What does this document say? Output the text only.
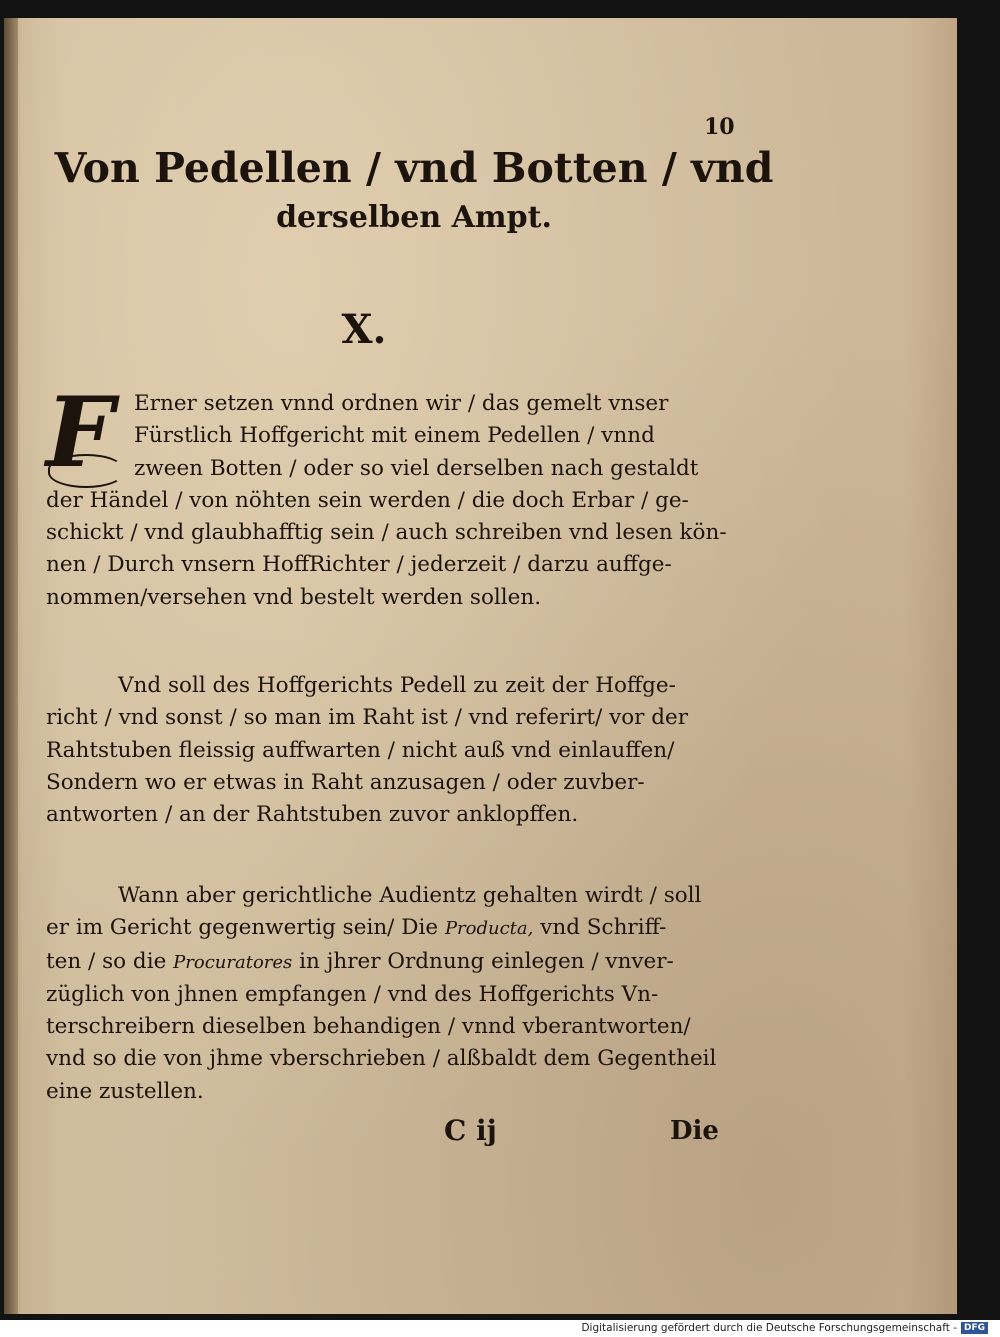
10
Von Pedellen / vnd Botten / vnd
derselben Ampt.
X.
F Erner setzen vnnd ordnen wir / das gemelt vnser
Fürstlich Hoffgericht mit einem Pedellen / vnnd
zween Botten / oder so viel derselben nach gestaldt
der Händel / von nöhten sein werden / die doch Erbar / ge-
schickt / vnd glaubhafftig sein / auch schreiben vnd lesen kön-
nen / Durch vnsern HoffRichter / jederzeit / darzu auffge-
nommen/versehen vnd bestelt werden sollen.
Vnd soll des Hoffgerichts Pedell zu zeit der Hoffge-
richt / vnd sonst / so man im Raht ist / vnd referirt/ vor der
Rahtstuben fleissig auffwarten / nicht auß vnd einlauffen/
Sondern wo er etwas in Raht anzusagen / oder zuvber-
antworten / an der Rahtstuben zuvor anklopffen.
Wann aber gerichtliche Audientz gehalten wirdt / soll
er im Gericht gegenwertig sein/ Die Producta, vnd Schriff-
ten / so die Procuratores in jhrer Ordnung einlegen / vnver-
züglich von jhnen empfangen / vnd des Hoffgerichts Vn-
terschreibern dieselben behandigen / vnnd vberantworten/
vnd so die von jhme vberschrieben / alßbaldt dem Gegentheil
eine zustellen.
C ij	Die
Digitalisierung gefördert durch die Deutsche Forschungsgemeinschaft - DFG
